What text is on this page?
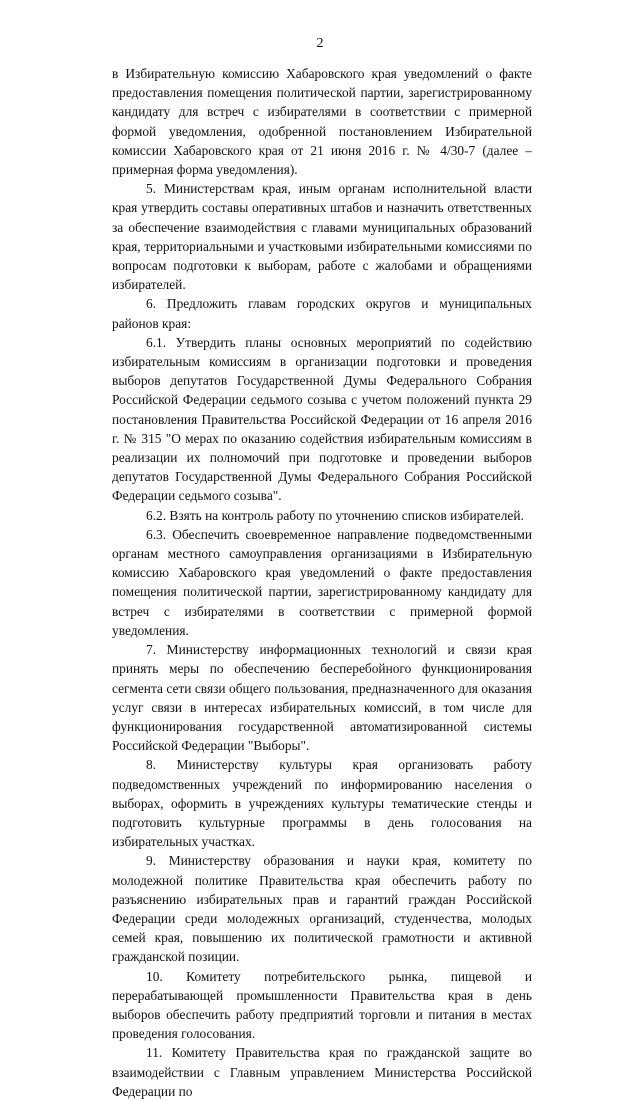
2

в Избирательную комиссию Хабаровского края уведомлений о факте предоставления помещения политической партии, зарегистрированному кандидату для встреч с избирателями в соответствии с примерной формой уведомления, одобренной постановлением Избирательной комиссии Хабаровского края от 21 июня 2016 г. № 4/30-7 (далее – примерная форма уведомления).

5. Министерствам края, иным органам исполнительной власти края утвердить составы оперативных штабов и назначить ответственных за обеспечение взаимодействия с главами муниципальных образований края, территориальными и участковыми избирательными комиссиями по вопросам подготовки к выборам, работе с жалобами и обращениями избирателей.

6. Предложить главам городских округов и муниципальных районов края:

6.1. Утвердить планы основных мероприятий по содействию избирательным комиссиям в организации подготовки и проведения выборов депутатов Государственной Думы Федерального Собрания Российской Федерации седьмого созыва с учетом положений пункта 29 постановления Правительства Российской Федерации от 16 апреля 2016 г. № 315 "О мерах по оказанию содействия избирательным комиссиям в реализации их полномочий при подготовке и проведении выборов депутатов Государственной Думы Федерального Собрания Российской Федерации седьмого созыва".

6.2. Взять на контроль работу по уточнению списков избирателей.

6.3. Обеспечить своевременное направление подведомственными органам местного самоуправления организациями в Избирательную комиссию Хабаровского края уведомлений о факте предоставления помещения политической партии, зарегистрированному кандидату для встреч с избирателями в соответствии с примерной формой уведомления.

7. Министерству информационных технологий и связи края принять меры по обеспечению бесперебойного функционирования сегмента сети связи общего пользования, предназначенного для оказания услуг связи в интересах избирательных комиссий, в том числе для функционирования государственной автоматизированной системы Российской Федерации "Выборы".

8. Министерству культуры края организовать работу подведомственных учреждений по информированию населения о выборах, оформить в учреждениях культуры тематические стенды и подготовить культурные программы в день голосования на избирательных участках.

9. Министерству образования и науки края, комитету по молодежной политике Правительства края обеспечить работу по разъяснению избирательных прав и гарантий граждан Российской Федерации среди молодежных организаций, студенчества, молодых семей края, повышению их политической грамотности и активной гражданской позиции.

10. Комитету потребительского рынка, пищевой и перерабатывающей промышленности Правительства края в день выборов обеспечить работу предприятий торговли и питания в местах проведения голосования.

11. Комитету Правительства края по гражданской защите во взаимодействии с Главным управлением Министерства Российской Федерации по
